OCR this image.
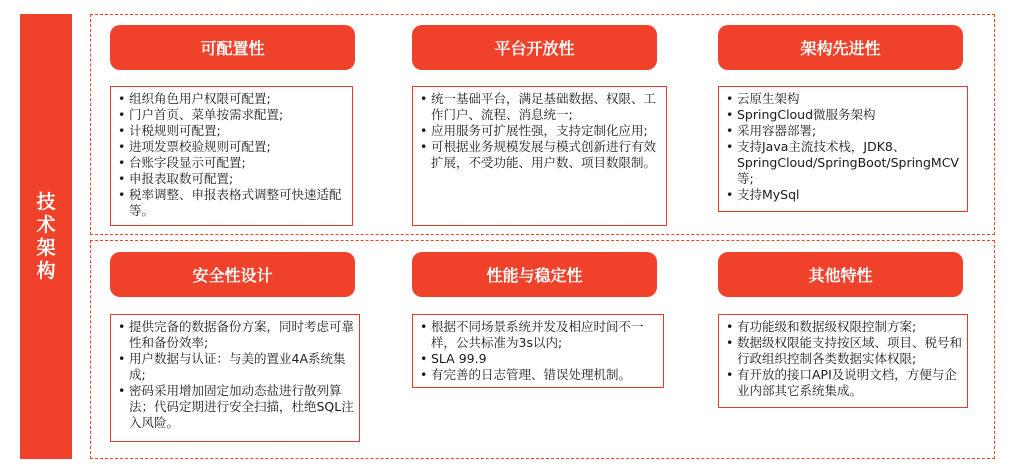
技术架构
可配置性
• 组织角色用户权限可配置;
• 门户首页、菜单按需求配置;
• 计税规则可配置;
• 进项发票校验规则可配置;
• 台账字段显示可配置;
• 申报表取数可配置;
• 税率调整、申报表格式调整可快速适配等。
平台开放性
• 统一基础平台，满足基础数据、权限、工作门户、流程、消息统一;
• 应用服务可扩展性强，支持定制化应用;
• 可根据业务规模发展与模式创新进行有效扩展，不受功能、用户数、项目数限制。
架构先进性
• 云原生架构
• SpringCloud微服务架构
• 采用容器部署;
• 支持Java主流技术栈，JDK8、SpringCloud/SpringBoot/SpringMCV等;
• 支持MySql
安全性设计
• 提供完备的数据备份方案，同时考虑可靠性和备份效率;
• 用户数据与认证：与美的置业4A系统集成;
• 密码采用增加固定加动态盐进行散列算法；代码定期进行安全扫描，杜绝SQL注入风险。
性能与稳定性
• 根据不同场景系统并发及相应时间不一样，公共标准为3s以内;
• SLA 99.9
• 有完善的日志管理、错误处理机制。
其他特性
• 有功能级和数据级权限控制方案;
• 数据级权限能支持按区域、项目、税号和行政组织控制各类数据实体权限;
• 有开放的接口API及说明文档，方便与企业内部其它系统集成。
